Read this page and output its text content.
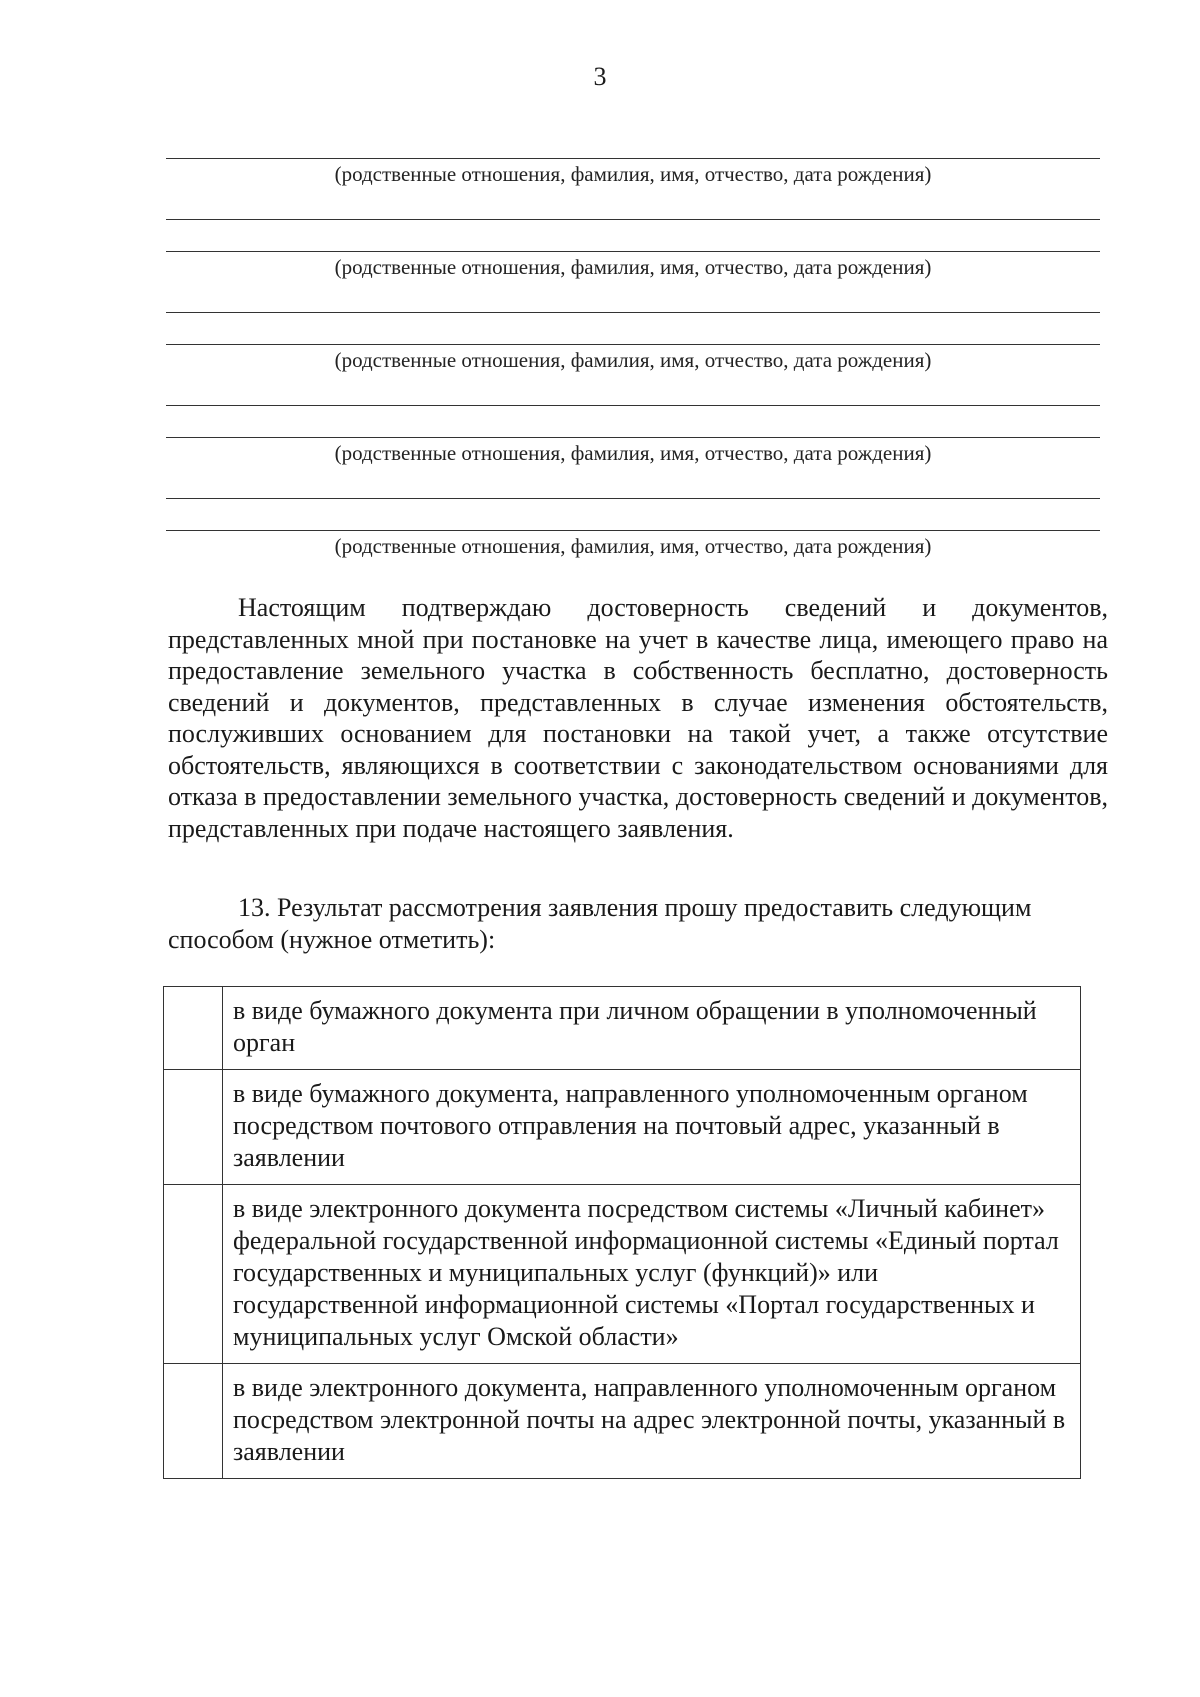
3
(родственные отношения, фамилия, имя, отчество, дата рождения)
(родственные отношения, фамилия, имя, отчество, дата рождения)
(родственные отношения, фамилия, имя, отчество, дата рождения)
(родственные отношения, фамилия, имя, отчество, дата рождения)
(родственные отношения, фамилия, имя, отчество, дата рождения)

Настоящим подтверждаю достоверность сведений и документов, представленных мной при постановке на учет в качестве лица, имеющего право на предоставление земельного участка в собственность бесплатно, достоверность сведений и документов, представленных в случае изменения обстоятельств, послуживших основанием для постановки на такой учет, а также отсутствие обстоятельств, являющихся в соответствии с законодательством основаниями для отказа в предоставлении земельного участка, достоверность сведений и документов, представленных при подаче настоящего заявления.

13. Результат рассмотрения заявления прошу предоставить следующим способом (нужное отметить):

	в виде бумажного документа при личном обращении в уполномоченный орган
	в виде бумажного документа, направленного уполномоченным органом посредством почтового отправления на почтовый адрес, указанный в заявлении
	в виде электронного документа посредством системы «Личный кабинет» федеральной государственной информационной системы «Единый портал государственных и муниципальных услуг (функций)» или государственной информационной системы «Портал государственных и муниципальных услуг Омской области»
	в виде электронного документа, направленного уполномоченным органом посредством электронной почты на адрес электронной почты, указанный в заявлении
